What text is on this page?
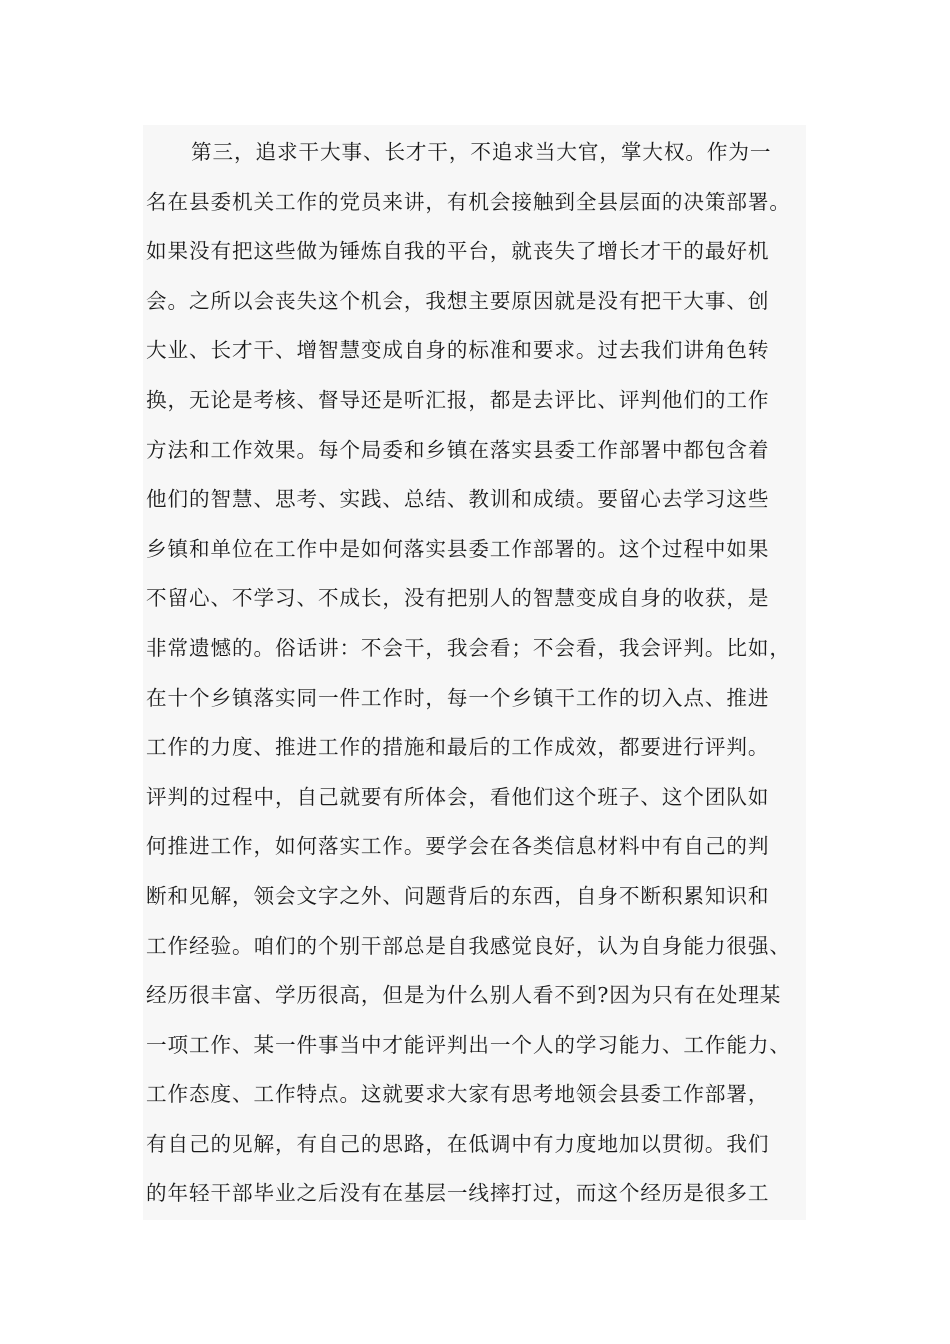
第三，追求干大事、长才干，不追求当大官，掌大权。作为一
名在县委机关工作的党员来讲，有机会接触到全县层面的决策部署。
如果没有把这些做为锤炼自我的平台，就丧失了增长才干的最好机
会。之所以会丧失这个机会，我想主要原因就是没有把干大事、创
大业、长才干、增智慧变成自身的标准和要求。过去我们讲角色转
换，无论是考核、督导还是听汇报，都是去评比、评判他们的工作
方法和工作效果。每个局委和乡镇在落实县委工作部署中都包含着
他们的智慧、思考、实践、总结、教训和成绩。要留心去学习这些
乡镇和单位在工作中是如何落实县委工作部署的。这个过程中如果
不留心、不学习、不成长，没有把别人的智慧变成自身的收获，是
非常遗憾的。俗话讲：不会干，我会看；不会看，我会评判。比如，
在十个乡镇落实同一件工作时，每一个乡镇干工作的切入点、推进
工作的力度、推进工作的措施和最后的工作成效，都要进行评判。
评判的过程中，自己就要有所体会，看他们这个班子、这个团队如
何推进工作，如何落实工作。要学会在各类信息材料中有自己的判
断和见解，领会文字之外、问题背后的东西，自身不断积累知识和
工作经验。咱们的个别干部总是自我感觉良好，认为自身能力很强、
经历很丰富、学历很高，但是为什么别人看不到?因为只有在处理某
一项工作、某一件事当中才能评判出一个人的学习能力、工作能力、
工作态度、工作特点。这就要求大家有思考地领会县委工作部署，
有自己的见解，有自己的思路，在低调中有力度地加以贯彻。我们
的年轻干部毕业之后没有在基层一线摔打过，而这个经历是很多工
